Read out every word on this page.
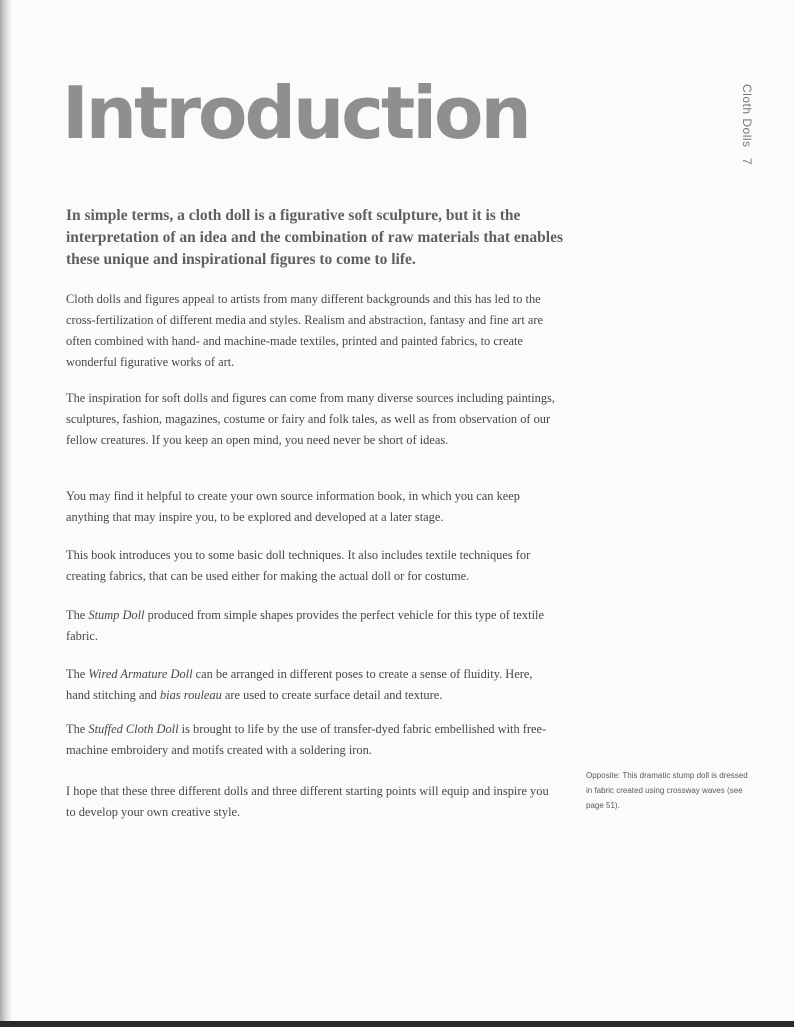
Cloth Dolls 7
Introduction

In simple terms, a cloth doll is a figurative soft sculpture, but it is the interpretation of an idea and the combination of raw materials that enables these unique and inspirational figures to come to life.

Cloth dolls and figures appeal to artists from many different backgrounds and this has led to the cross-fertilization of different media and styles. Realism and abstraction, fantasy and fine art are often combined with hand- and machine-made textiles, printed and painted fabrics, to create wonderful figurative works of art.

The inspiration for soft dolls and figures can come from many diverse sources including paintings, sculptures, fashion, magazines, costume or fairy and folk tales, as well as from observation of our fellow creatures. If you keep an open mind, you need never be short of ideas.

You may find it helpful to create your own source information book, in which you can keep anything that may inspire you, to be explored and developed at a later stage.

This book introduces you to some basic doll techniques. It also includes textile techniques for creating fabrics, that can be used either for making the actual doll or for costume.

The Stump Doll produced from simple shapes provides the perfect vehicle for this type of textile fabric.

The Wired Armature Doll can be arranged in different poses to create a sense of fluidity. Here, hand stitching and bias rouleau are used to create surface detail and texture.

The Stuffed Cloth Doll is brought to life by the use of transfer-dyed fabric embellished with free-machine embroidery and motifs created with a soldering iron.

I hope that these three different dolls and three different starting points will equip and inspire you to develop your own creative style.

Opposite: This dramatic stump doll is dressed in fabric created using crossway waves (see page 51).
